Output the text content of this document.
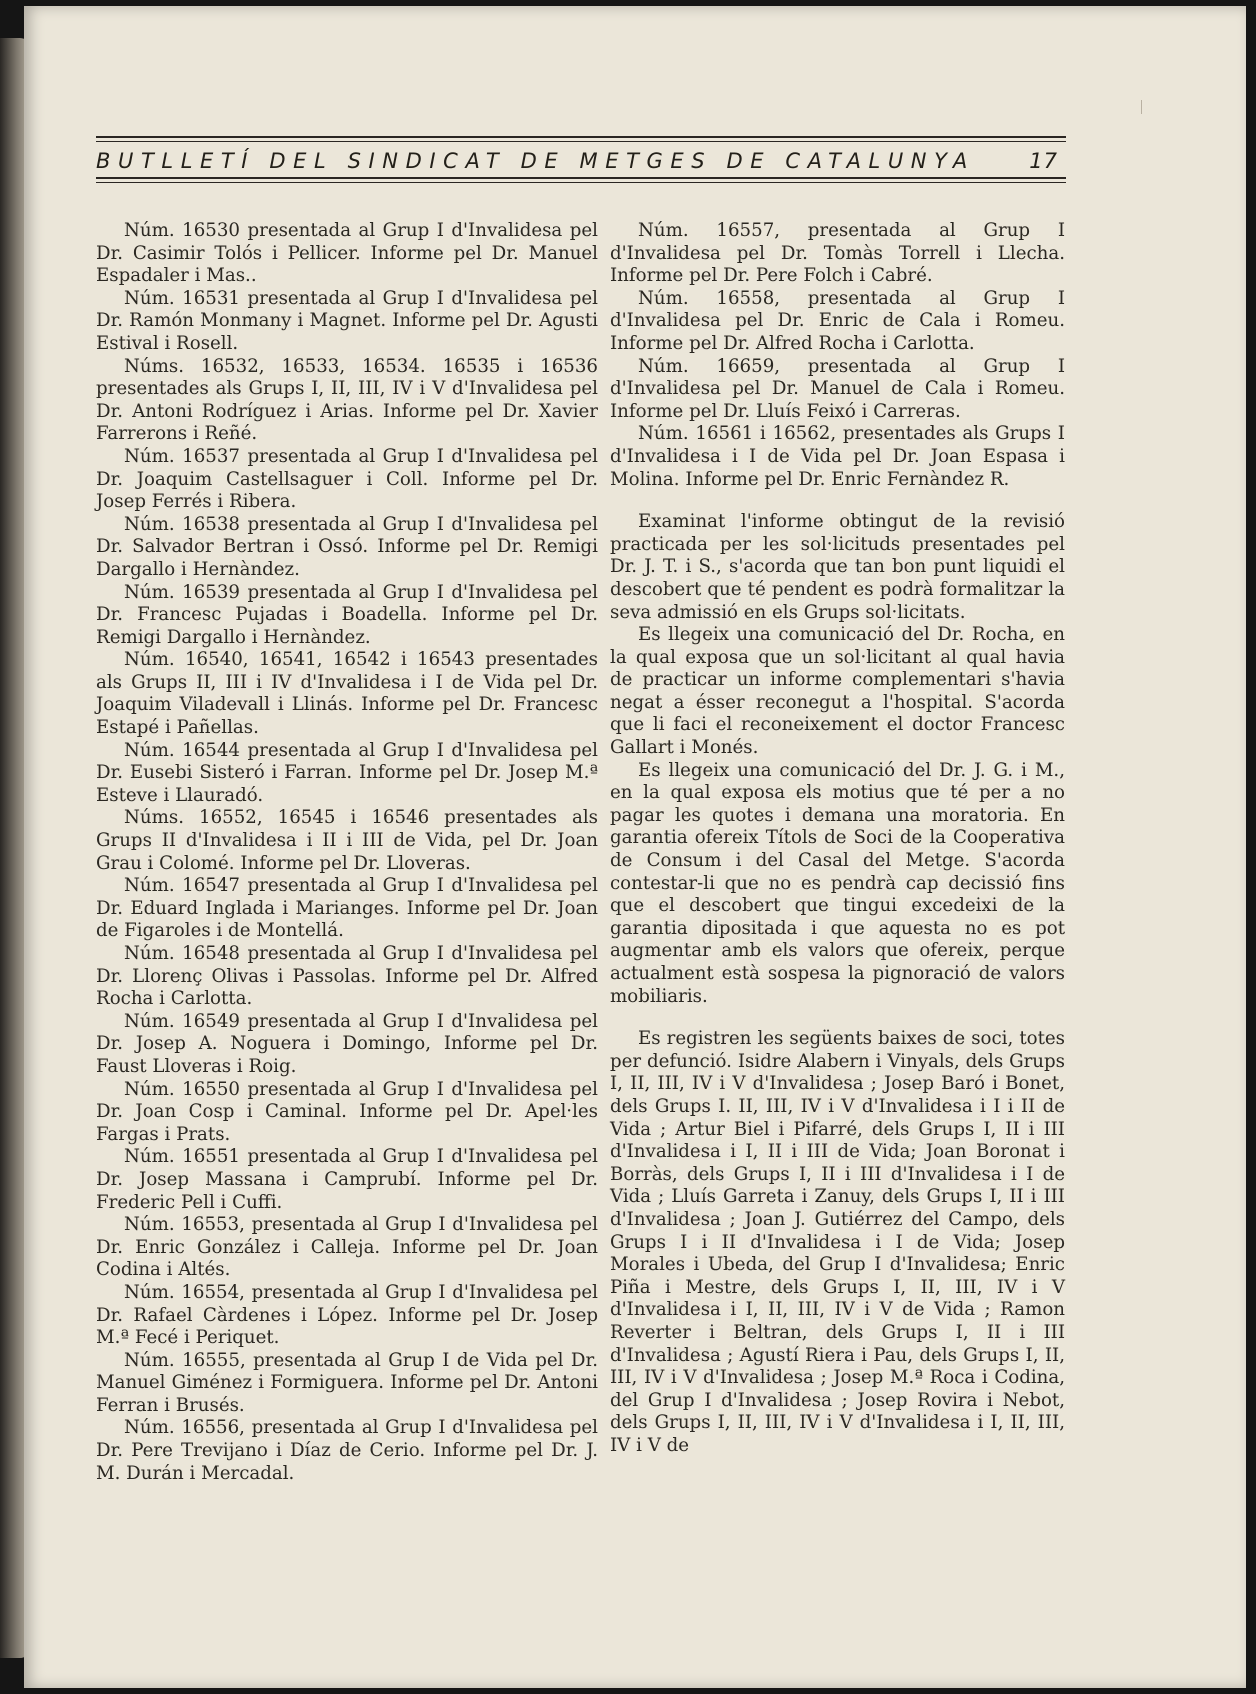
BUTLLETÍ DEL SINDICAT DE METGES DE CATALUNYA	17

Núm. 16530 presentada al Grup I d'Invalidesa pel Dr. Casimir Tolós i Pellicer. Informe pel Dr. Manuel Espadaler i Mas..

Núm. 16531 presentada al Grup I d'Invalidesa pel Dr. Ramón Monmany i Magnet. Informe pel Dr. Agusti Estival i Rosell.

Núms. 16532, 16533, 16534. 16535 i 16536 presentades als Grups I, II, III, IV i V d'Invalidesa pel Dr. Antoni Rodríguez i Arias. Informe pel Dr. Xavier Farrerons i Reñé.

Núm. 16537 presentada al Grup I d'Invalidesa pel Dr. Joaquim Castellsaguer i Coll. Informe pel Dr. Josep Ferrés i Ribera.

Núm. 16538 presentada al Grup I d'Invalidesa pel Dr. Salvador Bertran i Ossó. Informe pel Dr. Remigi Dargallo i Hernàndez.

Núm. 16539 presentada al Grup I d'Invalidesa pel Dr. Francesc Pujadas i Boadella. Informe pel Dr. Remigi Dargallo i Hernàndez.

Núm. 16540, 16541, 16542 i 16543 presentades als Grups II, III i IV d'Invalidesa i I de Vida pel Dr. Joaquim Viladevall i Llinás. Informe pel Dr. Francesc Estapé i Pañellas.

Núm. 16544 presentada al Grup I d'Invalidesa pel Dr. Eusebi Sisteró i Farran. Informe pel Dr. Josep M.ª Esteve i Llauradó.

Núms. 16552, 16545 i 16546 presentades als Grups II d'Invalidesa i II i III de Vida, pel Dr. Joan Grau i Colomé. Informe pel Dr. Lloveras.

Núm. 16547 presentada al Grup I d'Invalidesa pel Dr. Eduard Inglada i Marianges. Informe pel Dr. Joan de Figaroles i de Montellá.

Núm. 16548 presentada al Grup I d'Invalidesa pel Dr. Llorenç Olivas i Passolas. Informe pel Dr. Alfred Rocha i Carlotta.

Núm. 16549 presentada al Grup I d'Invalidesa pel Dr. Josep A. Noguera i Domingo, Informe pel Dr. Faust Lloveras i Roig.

Núm. 16550 presentada al Grup I d'Invalidesa pel Dr. Joan Cosp i Caminal. Informe pel Dr. Apel·les Fargas i Prats.

Núm. 16551 presentada al Grup I d'Invalidesa pel Dr. Josep Massana i Camprubí. Informe pel Dr. Frederic Pell i Cuffi.

Núm. 16553, presentada al Grup I d'Invalidesa pel Dr. Enric González i Calleja. Informe pel Dr. Joan Codina i Altés.

Núm. 16554, presentada al Grup I d'Invalidesa pel Dr. Rafael Càrdenes i López. Informe pel Dr. Josep M.ª Fecé i Periquet.

Núm. 16555, presentada al Grup I de Vida pel Dr. Manuel Giménez i Formiguera. Informe pel Dr. Antoni Ferran i Brusés.

Núm. 16556, presentada al Grup I d'Invalidesa pel Dr. Pere Trevijano i Díaz de Cerio. Informe pel Dr. J. M. Durán i Mercadal.

Núm. 16557, presentada al Grup I d'Invalidesa pel Dr. Tomàs Torrell i Llecha. Informe pel Dr. Pere Folch i Cabré.

Núm. 16558, presentada al Grup I d'Invalidesa pel Dr. Enric de Cala i Romeu. Informe pel Dr. Alfred Rocha i Carlotta.

Núm. 16659, presentada al Grup I d'Invalidesa pel Dr. Manuel de Cala i Romeu. Informe pel Dr. Lluís Feixó i Carreras.

Núm. 16561 i 16562, presentades als Grups I d'Invalidesa i I de Vida pel Dr. Joan Espasa i Molina. Informe pel Dr. Enric Fernàndez R.

Examinat l'informe obtingut de la revisió practicada per les sol·licituds presentades pel Dr. J. T. i S., s'acorda que tan bon punt liquidi el descobert que té pendent es podrà formalitzar la seva admissió en els Grups sol·licitats.

Es llegeix una comunicació del Dr. Rocha, en la qual exposa que un sol·licitant al qual havia de practicar un informe complementari s'havia negat a ésser reconegut a l'hospital. S'acorda que li faci el reconeixement el doctor Francesc Gallart i Monés.

Es llegeix una comunicació del Dr. J. G. i M., en la qual exposa els motius que té per a no pagar les quotes i demana una moratoria. En garantia ofereix Títols de Soci de la Cooperativa de Consum i del Casal del Metge. S'acorda contestar-li que no es pendrà cap decissió fins que el descobert que tingui excedeixi de la garantia dipositada i que aquesta no es pot augmentar amb els valors que ofereix, perque actualment està sospesa la pignoració de valors mobiliaris.

Es registren les següents baixes de soci, totes per defunció. Isidre Alabern i Vinyals, dels Grups I, II, III, IV i V d'Invalidesa ; Josep Baró i Bonet, dels Grups I. II, III, IV i V d'Invalidesa i I i II de Vida ; Artur Biel i Pifarré, dels Grups I, II i III d'Invalidesa i I, II i III de Vida; Joan Boronat i Borràs, dels Grups I, II i III d'Invalidesa i I de Vida ; Lluís Garreta i Zanuy, dels Grups I, II i III d'Invalidesa ; Joan J. Gutiérrez del Campo, dels Grups I i II d'Invalidesa i I de Vida; Josep Morales i Ubeda, del Grup I d'Invalidesa; Enric Piña i Mestre, dels Grups I, II, III, IV i V d'Invalidesa i I, II, III, IV i V de Vida ; Ramon Reverter i Beltran, dels Grups I, II i III d'Invalidesa ; Agustí Riera i Pau, dels Grups I, II, III, IV i V d'Invalidesa ; Josep M.ª Roca i Codina, del Grup I d'Invalidesa ; Josep Rovira i Nebot, dels Grups I, II, III, IV i V d'Invalidesa i I, II, III, IV i V de
